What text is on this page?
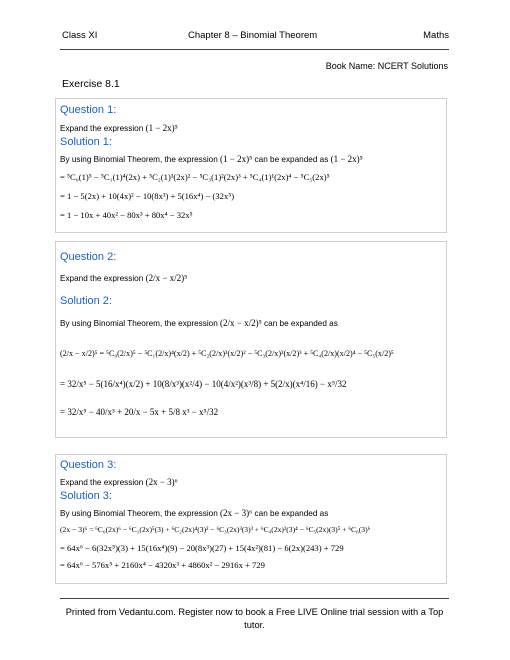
Class XI	Chapter 8 – Binomial Theorem	Maths
Book Name: NCERT Solutions
Exercise 8.1
Question 1:
Expand the expression (1 − 2x)⁵
Solution 1:
By using Binomial Theorem, the expression (1 − 2x)⁵ can be expanded as (1 − 2x)⁵
= ⁵C₀(1)⁵ − ⁵C₁(1)⁴(2x) + ⁵C₂(1)³(2x)² − ⁵C₃(1)²(2x)³ + ⁵C₄(1)¹(2x)⁴ − ⁵C₅(2x)⁵
= 1 − 5(2x) + 10(4x)² − 10(8x³) + 5(16x⁴) − (32x⁵)
= 1 − 10x + 40x² − 80x³ + 80x⁴ − 32x⁵
Question 2:
Expand the expression (2/x − x/2)⁵
Solution 2:
By using Binomial Theorem, the expression (2/x − x/2)⁵ can be expanded as
(2/x − x/2)⁵ = ⁵C₀(2/x)⁵ − ⁵C₁(2/x)⁴(x/2) + ⁵C₂(2/x)³(x/2)² − ⁵C₃(2/x)²(x/2)³ + ⁵C₄(2/x)(x/2)⁴ − ⁵C₅(x/2)⁵
= 32/x⁵ − 5(16/x⁴)(x/2) + 10(8/x³)(x²/4) − 10(4/x²)(x³/8) + 5(2/x)(x⁴/16) − x⁵/32
= 32/x⁵ − 40/x³ + 20/x − 5x + 5/8 x³ − x⁵/32
Question 3:
Expand the expression (2x − 3)⁶
Solution 3:
By using Binomial Theorem, the expression (2x − 3)⁶ can be expanded as
(2x − 3)⁶ = ⁶C₀(2x)⁶ − ⁶C₁(2x)⁵(3) + ⁶C₂(2x)⁴(3)² − ⁶C₃(2x)³(3)³ + ⁶C₄(2x)²(3)⁴ − ⁶C₅(2x)(3)⁵ + ⁶C₆(3)⁶
= 64x⁶ − 6(32x⁵)(3) + 15(16x⁴)(9) − 20(8x³)(27) + 15(4x²)(81) − 6(2x)(243) + 729
= 64x⁶ − 576x⁵ + 2160x⁴ − 4320x³ + 4860x² − 2916x + 729
Printed from Vedantu.com. Register now to book a Free LIVE Online trial session with a Top tutor.
